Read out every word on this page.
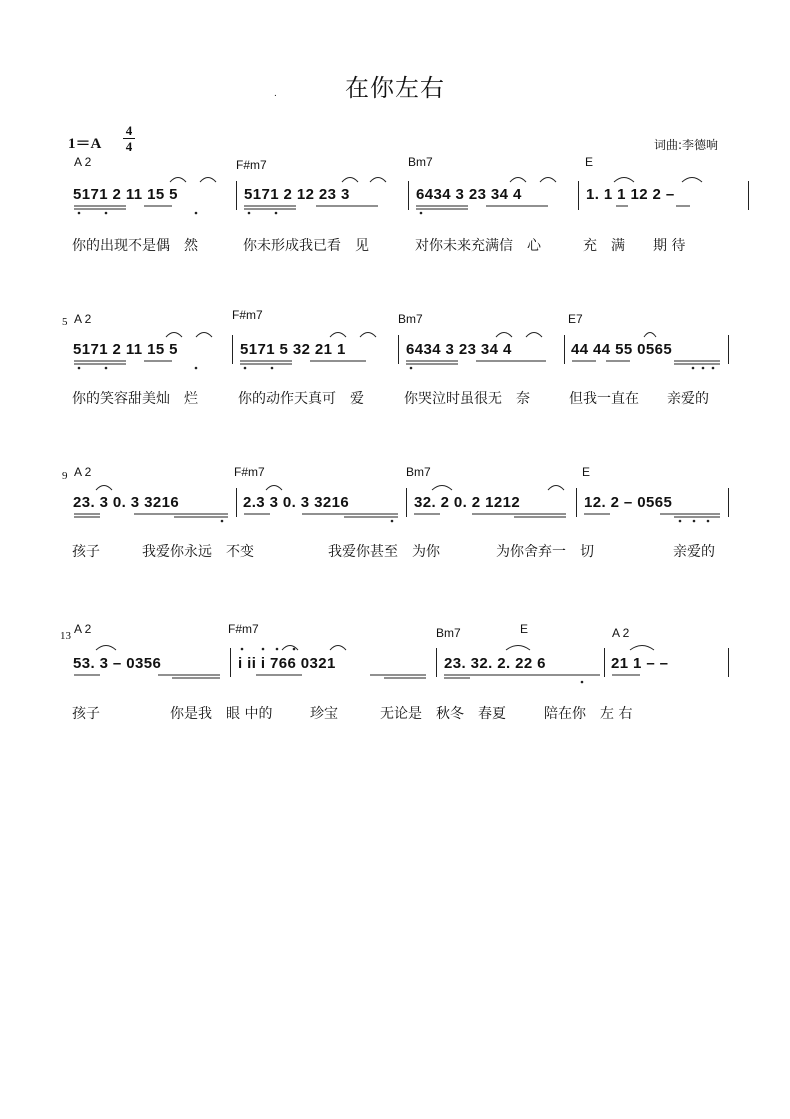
.	在你左右
1＝A
4
4	词曲:李德响
A 2	F#m7	Bm7	E
5171 2 11 15 5	5171 2 12 23 3	6434 3 23 34 4	1. 1 1 12 2 –
你的出现不是偶　然	你未形成我已看　见	对你未来充满信　心	充　满　　期 待
5 A 2	F#m7	Bm7	E7
5171 2 11 15 5	5171 5 32 21 1	6434 3 23 34 4	44 44 55 0565
你的笑容甜美灿　烂	你的动作天真可　爱	你哭泣时虽很无　奈	但我一直在　　亲爱的
9 A 2	F#m7	Bm7	E
23. 3 0. 3 3216	2.3 3 0. 3 3216	32. 2 0. 2 1212	12. 2 – 0565
孩子　　　我爱你永远　不变	我爱你甚至　为你	为你舍弃一　切	亲爱的
13 A 2	F#m7	Bm7	E	A 2
53. 3 – 0356	i ii i 766 0321	23. 32. 2. 22 6	21 1 – –
孩子　　　　　你是我　眼 中的	珍宝　　　无论是　秋冬　春夏	陪在你　左 右
